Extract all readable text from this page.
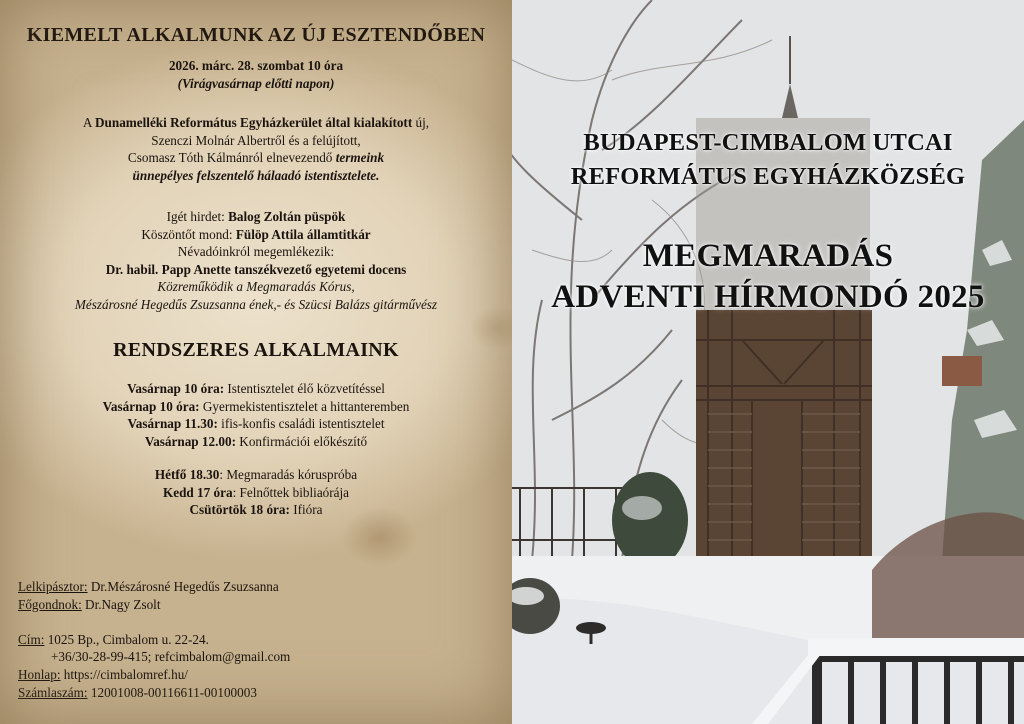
KIEMELT ALKALMUNK AZ ÚJ ESZTENDŐBEN
2026. márc. 28. szombat 10 óra
(Virágvasárnap előtti napon)
A Dunamelléki Református Egyházkerület által kialakított új,
Szenczi Molnár Albertről és a felújított,
Csomasz Tóth Kálmánról elnevezendő termeink
ünnepélyes felszentelő hálaadó istentisztelete.
Igét hirdet: Balog Zoltán püspök
Köszöntőt mond: Fülöp Attila államtitkár
Névadóinkról megemlékezik:
Dr. habil. Papp Anette tanszékvezető egyetemi docens
Közreműködik a Megmaradás Kórus,
Mészárosné Hegedűs Zsuzsanna ének,- és Szücsi Balázs gitárművész
RENDSZERES ALKALMAINK
Vasárnap 10 óra: Istentisztelet élő közvetítéssel
Vasárnap 10 óra: Gyermekistentisztelet a hittanteremben
Vasárnap 11.30: ifis-konfis családi istentisztelet
Vasárnap 12.00: Konfirmációi előkészítő
Hétfő 18.30: Megmaradás kóruspróba
Kedd 17 óra: Felnőttek bibliaórája
Csütörtök 18 óra: Ifióra
Lelkipásztor: Dr.Mészárosné Hegedűs Zsuzsanna
Főgondnok: Dr.Nagy Zsolt
Cím: 1025 Bp., Cimbalom u. 22-24.
+36/30-28-99-415; refcimbalom@gmail.com
Honlap: https://cimbalomref.hu/
Számlaszám: 12001008-00116611-00100003
BUDAPEST-CIMBALOM UTCAI
REFORMÁTUS EGYHÁZKÖZSÉG
MEGMARADÁS
ADVENTI HÍRMONDÓ 2025
